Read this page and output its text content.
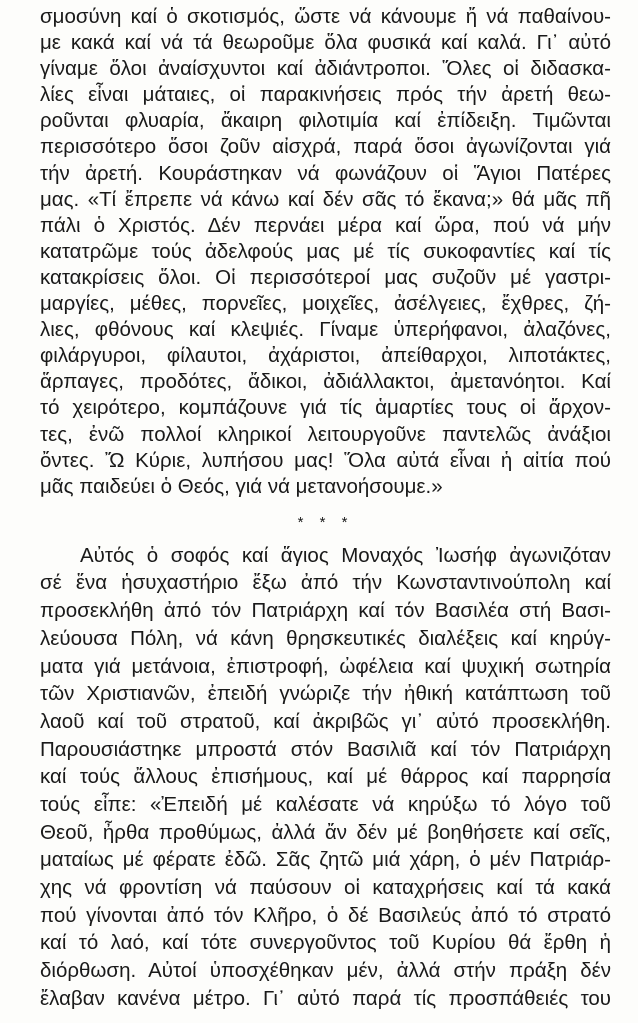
σμοσύνη καί ὁ σκοτισμός, ὥστε νά κάνουμε ἤ νά παθαίνου-
με κακά καί νά τά θεωροῦμε ὅλα φυσικά καί καλά. Γι᾽ αὐτό
γίναμε ὅλοι ἀναίσχυντοι καί ἀδιάντροποι. Ὅλες οἱ διδασκα-
λίες εἶναι μάταιες, οἱ παρακινήσεις πρός τήν ἀρετή θεω-
ροῦνται φλυαρία, ἄκαιρη φιλοτιμία καί ἐπίδειξη. Τιμῶνται
περισσότερο ὅσοι ζοῦν αἰσχρά, παρά ὅσοι ἀγωνίζονται γιά
τήν ἀρετή. Κουράστηκαν νά φωνάζουν οἱ Ἅγιοι Πατέρες
μας. «Τί ἔπρεπε νά κάνω καί δέν σᾶς τό ἔκανα;» θά μᾶς πῆ
πάλι ὁ Χριστός. Δέν περνάει μέρα καί ὥρα, πού νά μήν
κατατρῶμε τούς ἀδελφούς μας μέ τίς συκοφαντίες καί τίς
κατακρίσεις ὅλοι. Οἱ περισσότεροί μας συζοῦν μέ γαστρι-
μαργίες, μέθες, πορνεῖες, μοιχεῖες, ἀσέλγειες, ἔχθρες, ζή-
λιες, φθόνους καί κλεψιές. Γίναμε ὑπερήφανοι, ἀλαζόνες,
φιλάργυροι, φίλαυτοι, ἀχάριστοι, ἀπείθαρχοι, λιποτάκτες,
ἅρπαγες, προδότες, ἄδικοι, ἀδιάλλακτοι, ἀμετανόητοι. Καί
τό χειρότερο, κομπάζουνε γιά τίς ἁμαρτίες τους οἱ ἄρχον-
τες, ἐνῶ πολλοί κληρικοί λειτουργοῦνε παντελῶς ἀνάξιοι
ὄντες. Ὤ Κύριε, λυπήσου μας! Ὅλα αὐτά εἶναι ἡ αἰτία πού
μᾶς παιδεύει ὁ Θεός, γιά νά μετανοήσουμε.»
* * *
Αὐτός ὁ σοφός καί ἅγιος Μοναχός Ἰωσήφ ἀγωνιζόταν
σέ ἕνα ἡσυχαστήριο ἔξω ἀπό τήν Κωνσταντινούπολη καί
προσεκλήθη ἀπό τόν Πατριάρχη καί τόν Βασιλέα στή Βασι-
λεύουσα Πόλη, νά κάνη θρησκευτικές διαλέξεις καί κηρύγ-
ματα γιά μετάνοια, ἐπιστροφή, ὠφέλεια καί ψυχική σωτηρία
τῶν Χριστιανῶν, ἐπειδή γνώριζε τήν ἠθική κατάπτωση τοῦ
λαοῦ καί τοῦ στρατοῦ, καί ἀκριβῶς γι᾽ αὐτό προσεκλήθη.
Παρουσιάστηκε μπροστά στόν Βασιλιᾶ καί τόν Πατριάρχη
καί τούς ἄλλους ἐπισήμους, καί μέ θάρρος καί παρρησία
τούς εἶπε: «Ἐπειδή μέ καλέσατε νά κηρύξω τό λόγο τοῦ
Θεοῦ, ἦρθα προθύμως, ἀλλά ἄν δέν μέ βοηθήσετε καί σεῖς,
ματαίως μέ φέρατε ἐδῶ. Σᾶς ζητῶ μιά χάρη, ὁ μέν Πατριάρ-
χης νά φροντίση νά παύσουν οἱ καταχρήσεις καί τά κακά
πού γίνονται ἀπό τόν Κλῆρο, ὁ δέ Βασιλεύς ἀπό τό στρατό
καί τό λαό, καί τότε συνεργοῦντος τοῦ Κυρίου θά ἔρθη ἡ
διόρθωση. Αὐτοί ὑποσχέθηκαν μέν, ἀλλά στήν πράξη δέν
ἔλαβαν κανένα μέτρο. Γι᾽ αὐτό παρά τίς προσπάθειές του
